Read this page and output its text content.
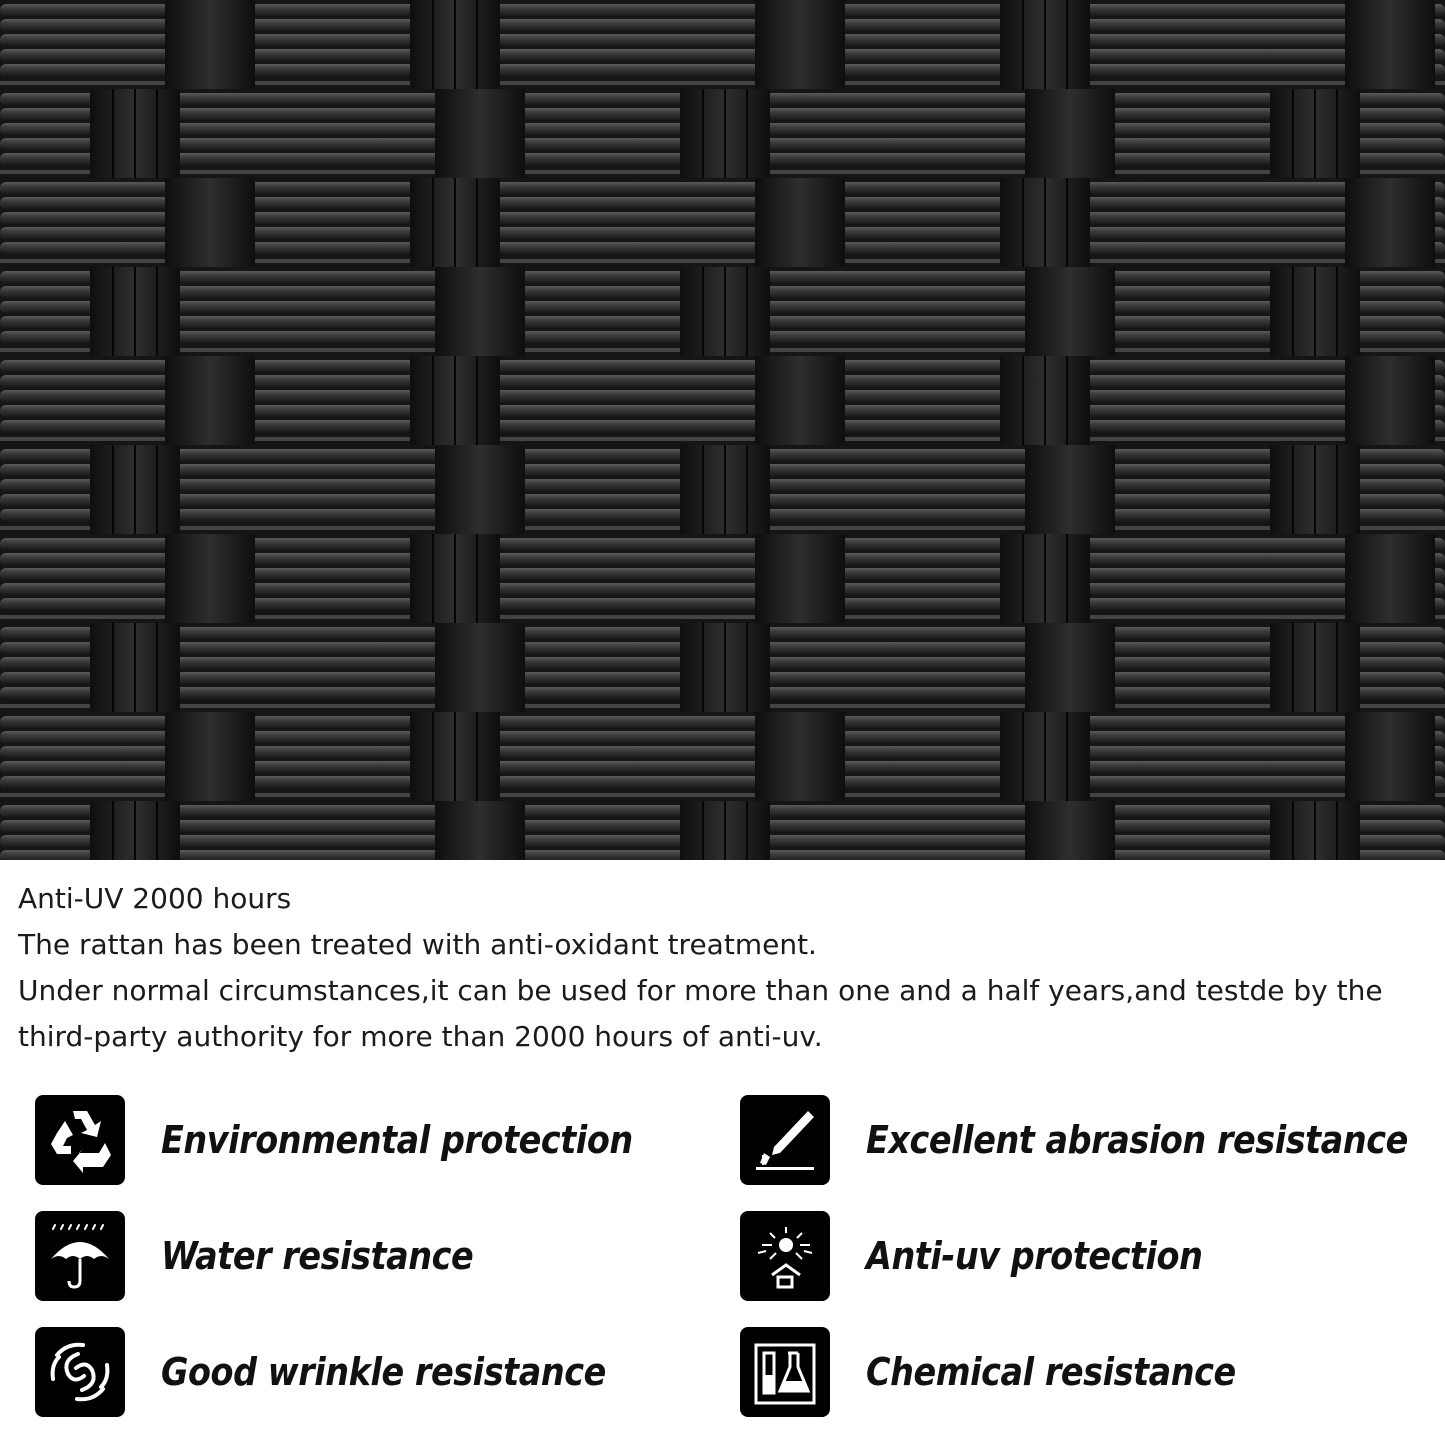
Anti-UV 2000 hours
The rattan has been treated with anti-oxidant treatment.
Under normal circumstances,it can be used for more than one and a half years,and testde by the
third-party authority for more than 2000 hours of anti-uv.
Environmental protection	Excellent abrasion resistance
Water resistance	Anti-uv protection
Good wrinkle resistance	Chemical resistance
